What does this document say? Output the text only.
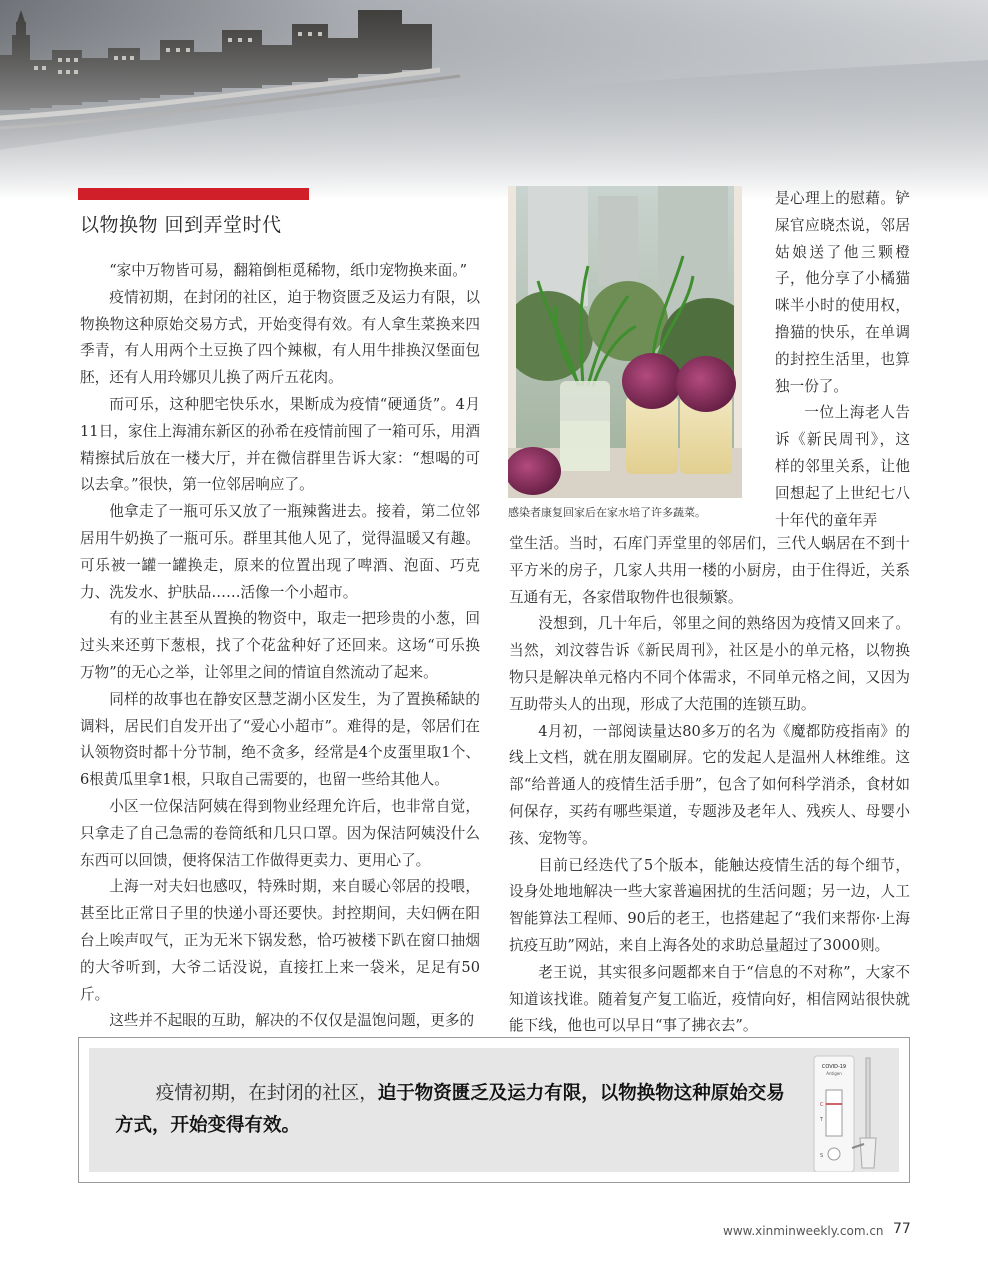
以物换物 回到弄堂时代

“家中万物皆可易，翻箱倒柜觅稀物，纸巾宠物换来面。”

疫情初期，在封闭的社区，迫于物资匮乏及运力有限，以物换物这种原始交易方式，开始变得有效。有人拿生菜换来四季青，有人用两个土豆换了四个辣椒，有人用牛排换汉堡面包胚，还有人用玲娜贝儿换了两斤五花肉。

而可乐，这种肥宅快乐水，果断成为疫情“硬通货”。4月11日，家住上海浦东新区的孙希在疫情前囤了一箱可乐，用酒精擦拭后放在一楼大厅，并在微信群里告诉大家：“想喝的可以去拿。”很快，第一位邻居响应了。

他拿走了一瓶可乐又放了一瓶辣酱进去。接着，第二位邻居用牛奶换了一瓶可乐。群里其他人见了，觉得温暖又有趣。可乐被一罐一罐换走，原来的位置出现了啤酒、泡面、巧克力、洗发水、护肤品……活像一个小超市。

有的业主甚至从置换的物资中，取走一把珍贵的小葱，回过头来还剪下葱根，找了个花盆种好了还回来。这场“可乐换万物”的无心之举，让邻里之间的情谊自然流动了起来。

同样的故事也在静安区慧芝湖小区发生，为了置换稀缺的调料，居民们自发开出了“爱心小超市”。难得的是，邻居们在认领物资时都十分节制，绝不贪多，经常是4个皮蛋里取1个、6根黄瓜里拿1根，只取自己需要的，也留一些给其他人。

小区一位保洁阿姨在得到物业经理允许后，也非常自觉，只拿走了自己急需的卷筒纸和几只口罩。因为保洁阿姨没什么东西可以回馈，便将保洁工作做得更卖力、更用心了。

上海一对夫妇也感叹，特殊时期，来自暖心邻居的投喂，甚至比正常日子里的快递小哥还要快。封控期间，夫妇俩在阳台上唉声叹气，正为无米下锅发愁，恰巧被楼下趴在窗口抽烟的大爷听到，大爷二话没说，直接扛上来一袋米，足足有50斤。

这些并不起眼的互助，解决的不仅仅是温饱问题，更多的

感染者康复回家后在家水培了许多蔬菜。

是心理上的慰藉。铲屎官应晓杰说，邻居姑娘送了他三颗橙子，他分享了小橘猫咪半小时的使用权，撸猫的快乐，在单调的封控生活里，也算独一份了。

一位上海老人告诉《新民周刊》，这样的邻里关系，让他回想起了上世纪七八十年代的童年弄

堂生活。当时，石库门弄堂里的邻居们，三代人蜗居在不到十平方米的房子，几家人共用一楼的小厨房，由于住得近，关系互通有无，各家借取物件也很频繁。

没想到，几十年后，邻里之间的熟络因为疫情又回来了。当然，刘汶蓉告诉《新民周刊》，社区是小的单元格，以物换物只是解决单元格内不同个体需求，不同单元格之间，又因为互助带头人的出现，形成了大范围的连锁互助。

4月初，一部阅读量达80多万的名为《魔都防疫指南》的线上文档，就在朋友圈刷屏。它的发起人是温州人林维维。这部“给普通人的疫情生活手册”，包含了如何科学消杀，食材如何保存，买药有哪些渠道，专题涉及老年人、残疾人、母婴小孩、宠物等。

目前已经迭代了5个版本，能触达疫情生活的每个细节，设身处地地解决一些大家普遍困扰的生活问题；另一边，人工智能算法工程师、90后的老王，也搭建起了“我们来帮你·上海抗疫互助”网站，来自上海各处的求助总量超过了3000则。

老王说，其实很多问题都来自于“信息的不对称”，大家不知道该找谁。随着复产复工临近，疫情向好，相信网站很快就能下线，他也可以早日“事了拂衣去”。

疫情初期，在封闭的社区，迫于物资匮乏及运力有限，以物换物这种原始交易方式，开始变得有效。
COVID-19
Antigen
C
T
S
www.xinminweekly.com.cn 77
